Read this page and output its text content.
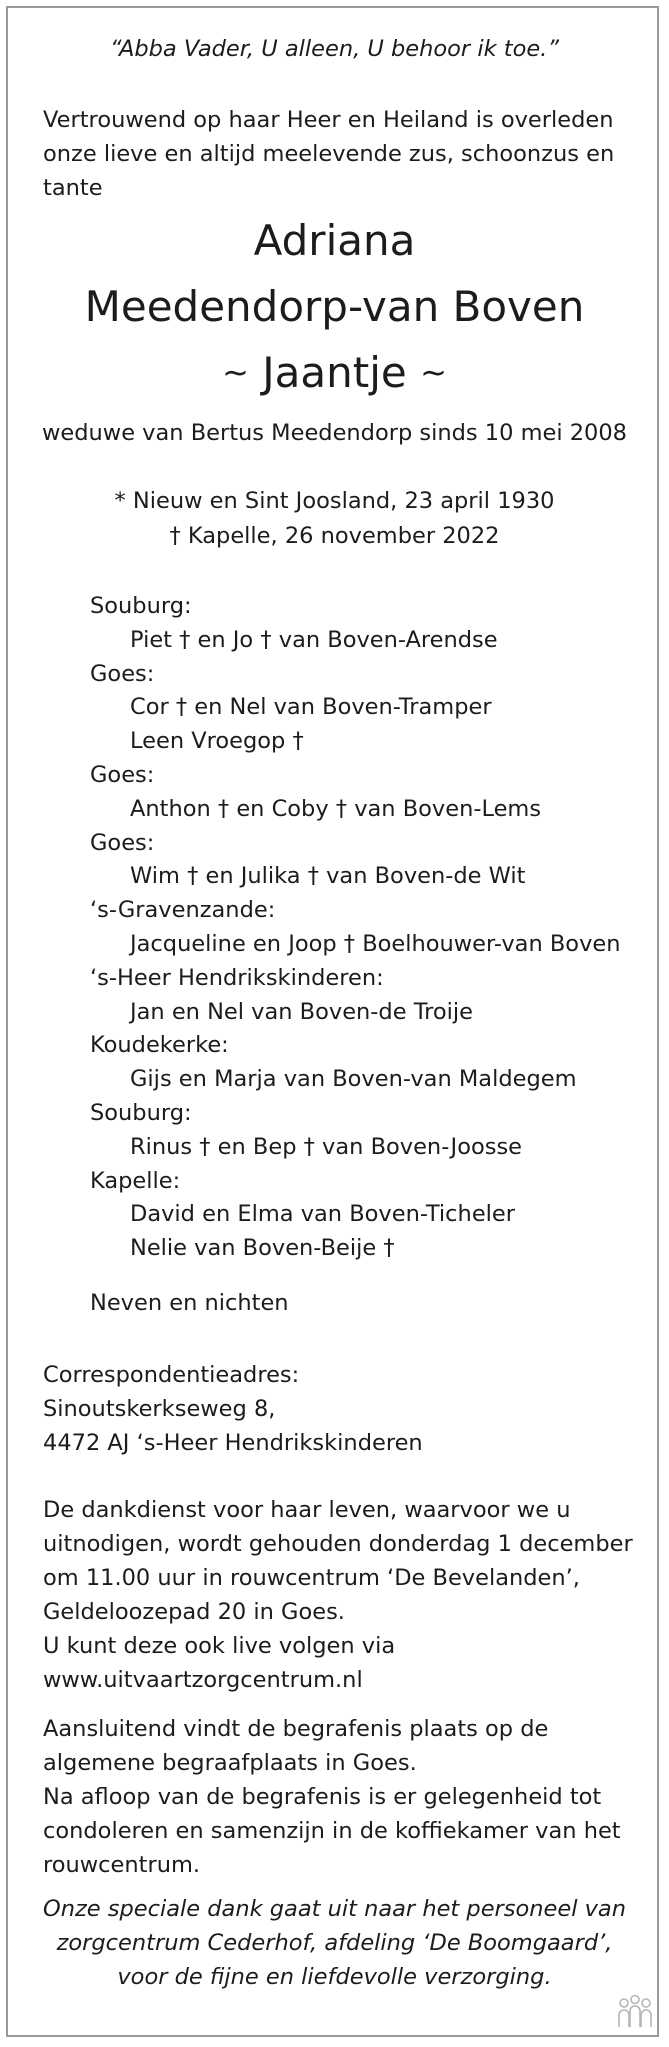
“Abba Vader, U alleen, U behoor ik toe.”
Vertrouwend op haar Heer en Heiland is overleden onze lieve en altijd meelevende zus, schoonzus en tante
Adriana
Meedendorp-van Boven
~ Jaantje ~
weduwe van Bertus Meedendorp sinds 10 mei 2008
* Nieuw en Sint Joosland, 23 april 1930
† Kapelle, 26 november 2022
Souburg:
Piet † en Jo † van Boven-Arendse
Goes:
Cor † en Nel van Boven-Tramper
Leen Vroegop †
Goes:
Anthon † en Coby † van Boven-Lems
Goes:
Wim † en Julika † van Boven-de Wit
‘s-Gravenzande:
Jacqueline en Joop † Boelhouwer-van Boven
‘s-Heer Hendrikskinderen:
Jan en Nel van Boven-de Troije
Koudekerke:
Gijs en Marja van Boven-van Maldegem
Souburg:
Rinus † en Bep † van Boven-Joosse
Kapelle:
David en Elma van Boven-Ticheler
Nelie van Boven-Beije †
Neven en nichten
Correspondentieadres:
Sinoutskerkseweg 8,
4472 AJ ‘s-Heer Hendrikskinderen
De dankdienst voor haar leven, waarvoor we u
uitnodigen, wordt gehouden donderdag 1 december
om 11.00 uur in rouwcentrum ‘De Bevelanden’,
Geldeloozepad 20 in Goes.
U kunt deze ook live volgen via
www.uitvaartzorgcentrum.nl
Aansluitend vindt de begrafenis plaats op de
algemene begraafplaats in Goes.
Na afloop van de begrafenis is er gelegenheid tot
condoleren en samenzijn in de koffiekamer van het
rouwcentrum.
Onze speciale dank gaat uit naar het personeel van
zorgcentrum Cederhof, afdeling ‘De Boomgaard’,
voor de fijne en liefdevolle verzorging.
